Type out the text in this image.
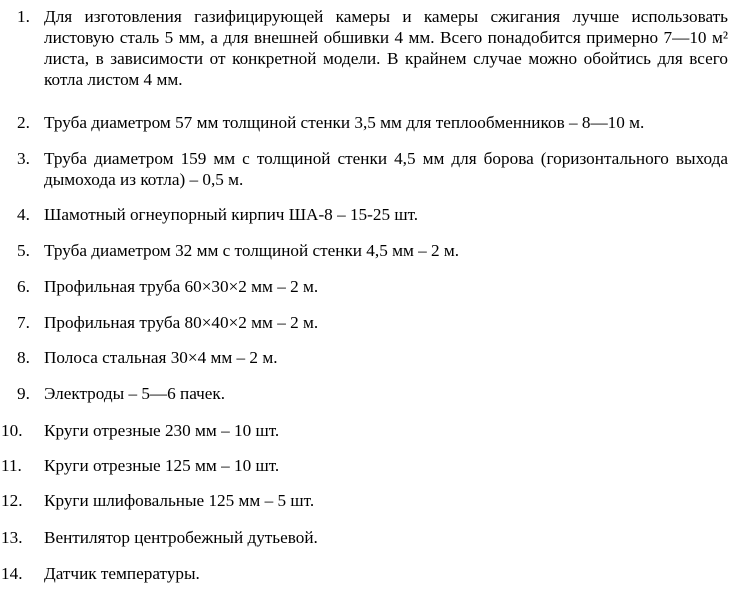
1. Для изготовления газифицирующей камеры и камеры сжигания лучше использовать листовую сталь 5 мм, а для внешней обшивки 4 мм. Всего понадобится примерно 7—10 м² листа, в зависимости от конкретной модели. В крайнем случае можно обойтись для всего котла листом 4 мм.
2. Труба диаметром 57 мм толщиной стенки 3,5 мм для теплообменников – 8—10 м.
3. Труба диаметром 159 мм с толщиной стенки 4,5 мм для борова (горизонтального выхода дымохода из котла) – 0,5 м.
4. Шамотный огнеупорный кирпич ША-8 – 15-25 шт.
5. Труба диаметром 32 мм с толщиной стенки 4,5 мм – 2 м.
6. Профильная труба 60×30×2 мм – 2 м.
7. Профильная труба 80×40×2 мм – 2 м.
8. Полоса стальная 30×4 мм – 2 м.
9. Электроды – 5—6 пачек.
10. Круги отрезные 230 мм – 10 шт.
11. Круги отрезные 125 мм – 10 шт.
12. Круги шлифовальные 125 мм – 5 шт.
13. Вентилятор центробежный дутьевой.
14. Датчик температуры.
